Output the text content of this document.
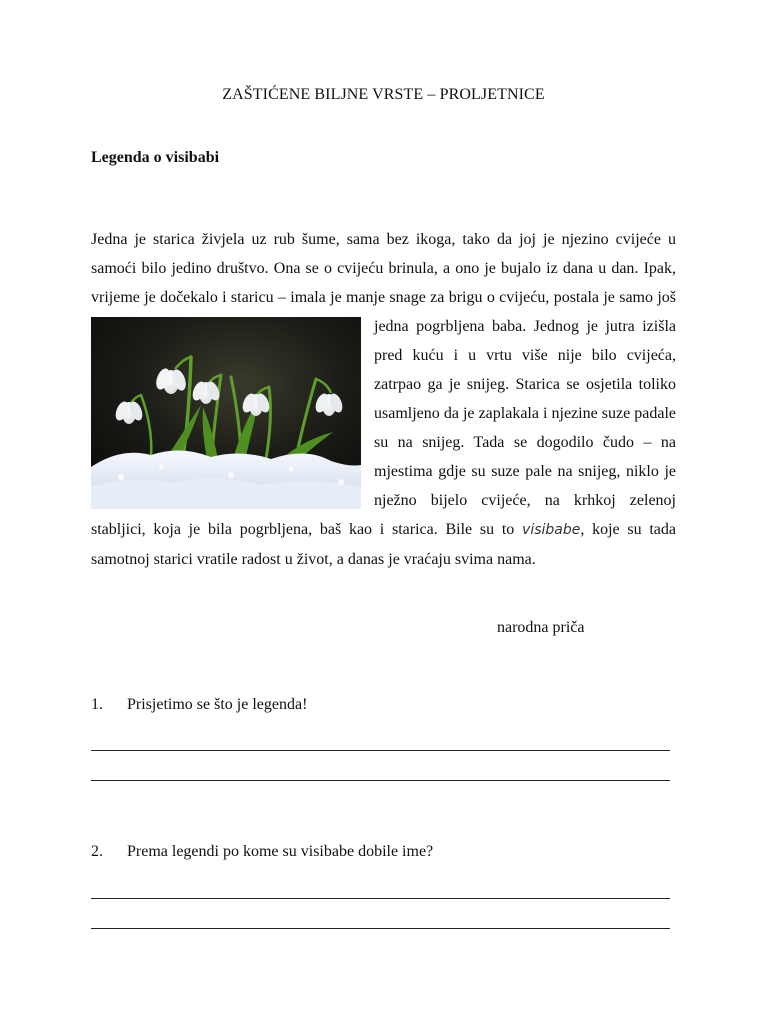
ZAŠTIĆENE BILJNE VRSTE – PROLJETNICE
Legenda o visibabi
Jedna je starica živjela uz rub šume, sama bez ikoga, tako da joj je njezino cvijeće u samoći bilo jedino društvo. Ona se o cvijeću brinula, a ono je bujalo iz dana u dan. Ipak, vrijeme je dočekalo i staricu – imala je manje snage za brigu o cvijeću, postala je samo još jedna pogrbljena baba. Jednog je jutra izišla pred kuću i u vrtu više nije bilo cvijeća, zatrpao ga je snijeg. Starica se osjetila toliko usamljeno da je zaplakala i njezine suze padale su na snijeg. Tada se dogodilo čudo – na mjestima gdje su suze pale na snijeg, niklo je nježno bijelo cvijeće, na krhkoj zelenoj stabljici, koja je bila pogrbljena, baš kao i starica. Bile su to visibabe, koje su tada samotnoj starici vratile radost u život, a danas je vraćaju svima nama.
narodna priča
1. Prisjetimo se što je legenda!
2. Prema legendi po kome su visibabe dobile ime?
